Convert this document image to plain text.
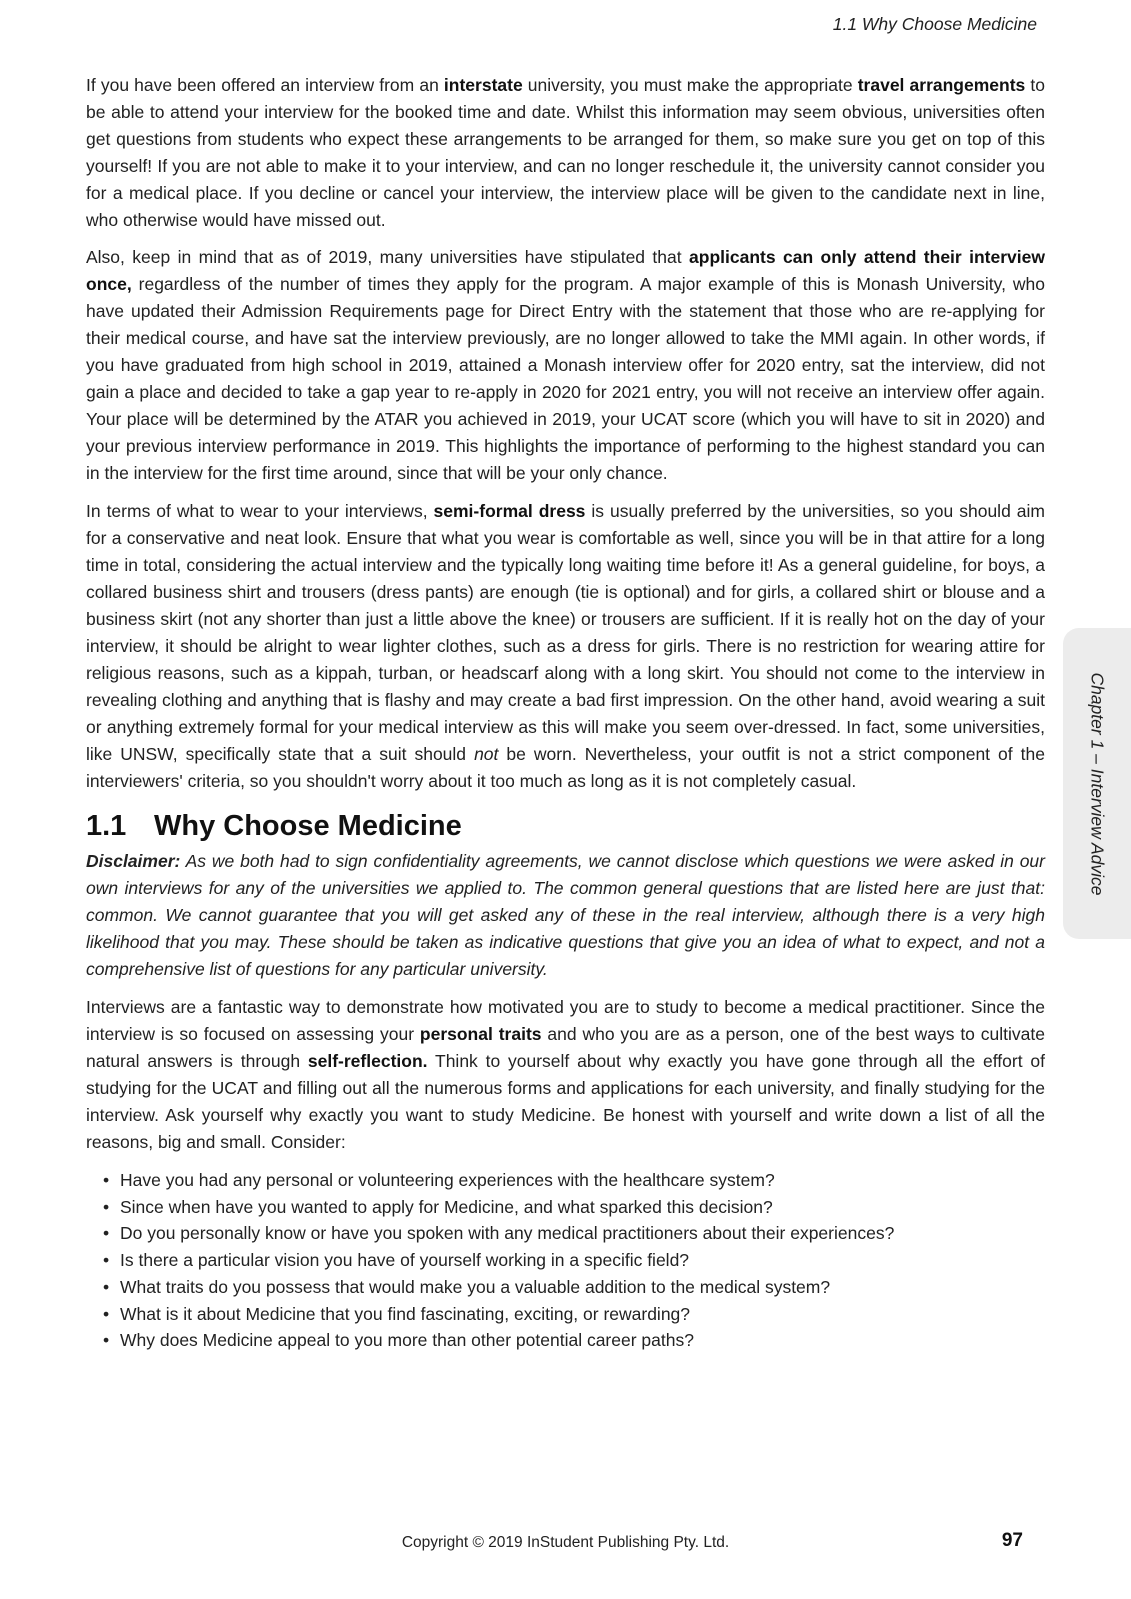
1.1 Why Choose Medicine

If you have been offered an interview from an interstate university, you must make the appropriate travel arrangements to be able to attend your interview for the booked time and date. Whilst this information may seem obvious, universities often get questions from students who expect these arrangements to be arranged for them, so make sure you get on top of this yourself! If you are not able to make it to your interview, and can no longer reschedule it, the university cannot consider you for a medical place. If you decline or cancel your interview, the interview place will be given to the candidate next in line, who otherwise would have missed out.

Also, keep in mind that as of 2019, many universities have stipulated that applicants can only attend their interview once, regardless of the number of times they apply for the program. A major example of this is Monash University, who have updated their Admission Requirements page for Direct Entry with the statement that those who are re-applying for their medical course, and have sat the interview previously, are no longer allowed to take the MMI again. In other words, if you have graduated from high school in 2019, attained a Monash interview offer for 2020 entry, sat the interview, did not gain a place and decided to take a gap year to re-apply in 2020 for 2021 entry, you will not receive an interview offer again. Your place will be determined by the ATAR you achieved in 2019, your UCAT score (which you will have to sit in 2020) and your previous interview performance in 2019. This highlights the importance of performing to the highest standard you can in the interview for the first time around, since that will be your only chance.

In terms of what to wear to your interviews, semi-formal dress is usually preferred by the universities, so you should aim for a conservative and neat look. Ensure that what you wear is comfortable as well, since you will be in that attire for a long time in total, considering the actual interview and the typically long waiting time before it! As a general guideline, for boys, a collared business shirt and trousers (dress pants) are enough (tie is optional) and for girls, a collared shirt or blouse and a business skirt (not any shorter than just a little above the knee) or trousers are sufficient. If it is really hot on the day of your interview, it should be alright to wear lighter clothes, such as a dress for girls. There is no restriction for wearing attire for religious reasons, such as a kippah, turban, or headscarf along with a long skirt. You should not come to the interview in revealing clothing and anything that is flashy and may create a bad first impression. On the other hand, avoid wearing a suit or anything extremely formal for your medical interview as this will make you seem over-dressed. In fact, some universities, like UNSW, specifically state that a suit should not be worn. Nevertheless, your outfit is not a strict component of the interviewers' criteria, so you shouldn't worry about it too much as long as it is not completely casual.

1.1 Why Choose Medicine

Disclaimer: As we both had to sign confidentiality agreements, we cannot disclose which questions we were asked in our own interviews for any of the universities we applied to. The common general questions that are listed here are just that: common. We cannot guarantee that you will get asked any of these in the real interview, although there is a very high likelihood that you may. These should be taken as indicative questions that give you an idea of what to expect, and not a comprehensive list of questions for any particular university.

Interviews are a fantastic way to demonstrate how motivated you are to study to become a medical practitioner. Since the interview is so focused on assessing your personal traits and who you are as a person, one of the best ways to cultivate natural answers is through self-reflection. Think to yourself about why exactly you have gone through all the effort of studying for the UCAT and filling out all the numerous forms and applications for each university, and finally studying for the interview. Ask yourself why exactly you want to study Medicine. Be honest with yourself and write down a list of all the reasons, big and small. Consider:

• Have you had any personal or volunteering experiences with the healthcare system?
• Since when have you wanted to apply for Medicine, and what sparked this decision?
• Do you personally know or have you spoken with any medical practitioners about their experiences?
• Is there a particular vision you have of yourself working in a specific field?
• What traits do you possess that would make you a valuable addition to the medical system?
• What is it about Medicine that you find fascinating, exciting, or rewarding?
• Why does Medicine appeal to you more than other potential career paths?
Chapter 1 – Interview Advice
Copyright © 2019 InStudent Publishing Pty. Ltd.	97
